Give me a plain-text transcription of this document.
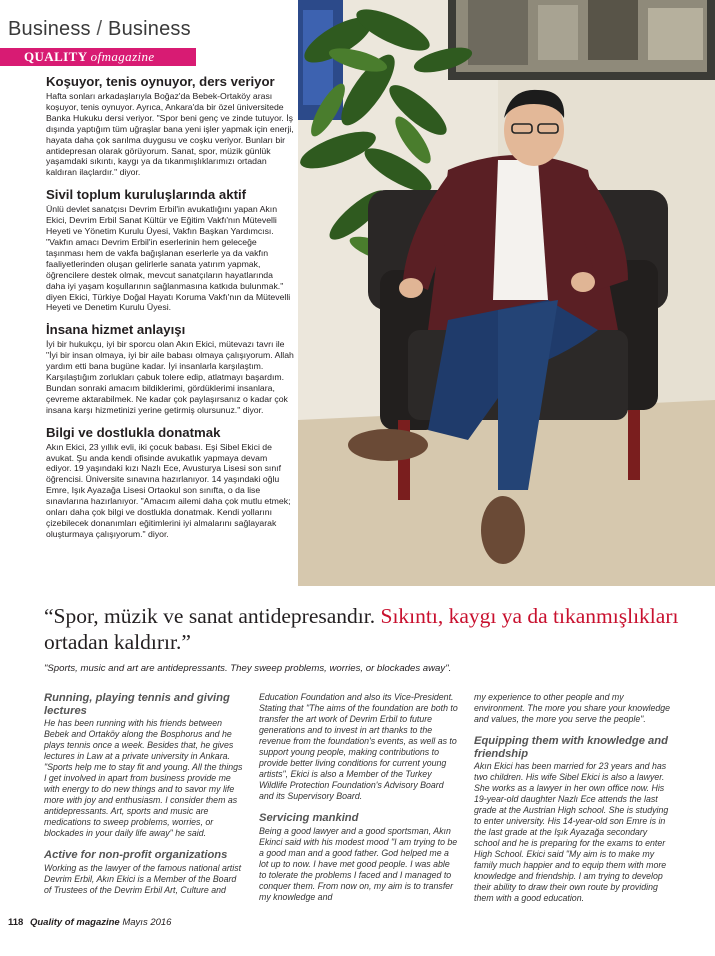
Business / Business
QUALITY ofmagazine
Koşuyor, tenis oynuyor, ders veriyor

Hafta sonları arkadaşlarıyla Boğaz'da Bebek-Ortaköy arası koşuyor, tenis oynuyor. Ayrıca, Ankara'da bir özel üniversitede Banka Hukuku dersi veriyor. "Spor beni genç ve zinde tutuyor. İş dışında yaptığım tüm uğraşlar bana yeni işler yapmak için enerji, hayata daha çok sarılma duygusu ve coşku veriyor. Bunları bir antidepresan olarak görüyorum. Sanat, spor, müzik günlük yaşamdaki sıkıntı, kaygı ya da tıkanmışlıklarımızı ortadan kaldıran ilaçlardır." diyor.

Sivil toplum kuruluşlarında aktif

Ünlü devlet sanatçısı Devrim Erbil'in avukatlığını yapan Akın Ekici, Devrim Erbil Sanat Kültür ve Eğitim Vakfı'nın Mütevelli Heyeti ve Yönetim Kurulu Üyesi, Vakfın Başkan Yardımcısı. "Vakfın amacı Devrim Erbil'in eserlerinin hem geleceğe taşınması hem de vakfa bağışlanan eserlerle ya da vakfın faaliyetlerinden oluşan gelirlerle sanata yatırım yapmak, öğrencilere destek olmak, mevcut sanatçıların hayatlarında daha iyi yaşam koşullarının sağlanmasına katkıda bulunmak." diyen Ekici, Türkiye Doğal Hayatı Koruma Vakfı'nın da Mütevelli Heyeti ve Denetim Kurulu Üyesi.

İnsana hizmet anlayışı

İyi bir hukukçu, iyi bir sporcu olan Akın Ekici, mütevazı tavrı ile "İyi bir insan olmaya, iyi bir aile babası olmaya çalışıyorum. Allah yardım etti bana bugüne kadar. İyi insanlarla karşılaştım. Karşılaştığım zorlukları çabuk tolere edip, atlatmayı başardım. Bundan sonraki amacım bildiklerimi, gördüklerimi insanlara, çevreme aktarabilmek. Ne kadar çok paylaşırsanız o kadar çok insana karşı hizmetinizi yerine getirmiş olursunuz." diyor.

Bilgi ve dostlukla donatmak

Akın Ekici, 23 yıllık evli, iki çocuk babası. Eşi Sibel Ekici de avukat. Şu anda kendi ofisinde avukatlık yapmaya devam ediyor. 19 yaşındaki kızı Nazlı Ece, Avusturya Lisesi son sınıf öğrencisi. Üniversite sınavına hazırlanıyor. 14 yaşındaki oğlu Emre, Işık Ayazağa Lisesi Ortaokul son sınıfta, o da lise sınavlarına hazırlanıyor. "Amacım ailemi daha çok mutlu etmek; onları daha çok bilgi ve dostlukla donatmak. Kendi yollarını çizebilecek donanımları eğitimlerini iyi almalarını sağlayarak oluşturmaya çalışıyorum." diyor.

“Spor, müzik ve sanat antidepresandır. Sıkıntı, kaygı ya da tıkanmışlıkları ortadan kaldırır.”
"Sports, music and art are antidepressants. They sweep problems, worries, or blockades away".
Running, playing tennis and giving lectures

He has been running with his friends between Bebek and Ortaköy along the Bosphorus and he plays tennis once a week. Besides that, he gives lectures in Law at a private university in Ankara. "Sports help me to stay fit and young. All the things I get involved in apart from business provide me with energy to do new things and to savor my life more with joy and enthusiasm. I consider them as antidepressants. Art, sports and music are medications to sweep problems, worries, or blockades in your daily life away" he said.

Active for non-profit organizations

Working as the lawyer of the famous national artist Devrim Erbil, Akın Ekici is a Member of the Board of Trustees of the Devrim Erbil Art, Culture and

Education Foundation and also its Vice-President. Stating that "The aims of the foundation are both to transfer the art work of Devrim Erbil to future generations and to invest in art thanks to the revenue from the foundation's events, as well as to support young people, making contributions to provide better living conditions for current young artists", Ekici is also a Member of the Turkey Wildlife Protection Foundation's Advisory Board and its Supervisory Board.

Servicing mankind

Being a good lawyer and a good sportsman, Akın Ekinci said with his modest mood "I am trying to be a good man and a good father. God helped me a lot up to now. I have met good people. I was able to tolerate the problems I faced and I managed to conquer them. From now on, my aim is to transfer my knowledge and

my experience to other people and my environment. The more you share your knowledge and values, the more you serve the people".

Equipping them with knowledge and friendship

Akın Ekici has been married for 23 years and has two children. His wife Sibel Ekici is also a lawyer. She works as a lawyer in her own office now. His 19-year-old daughter Nazlı Ece attends the last grade at the Austrian High school. She is studying to enter university. His 14-year-old son Emre is in the last grade at the Işık Ayazağa secondary school and he is preparing for the exams to enter High School. Ekici said "My aim is to make my family much happier and to equip them with more knowledge and friendship. I am trying to develop their ability to draw their own route by providing them with a good education.

118 Quality of magazine Mayıs 2016
